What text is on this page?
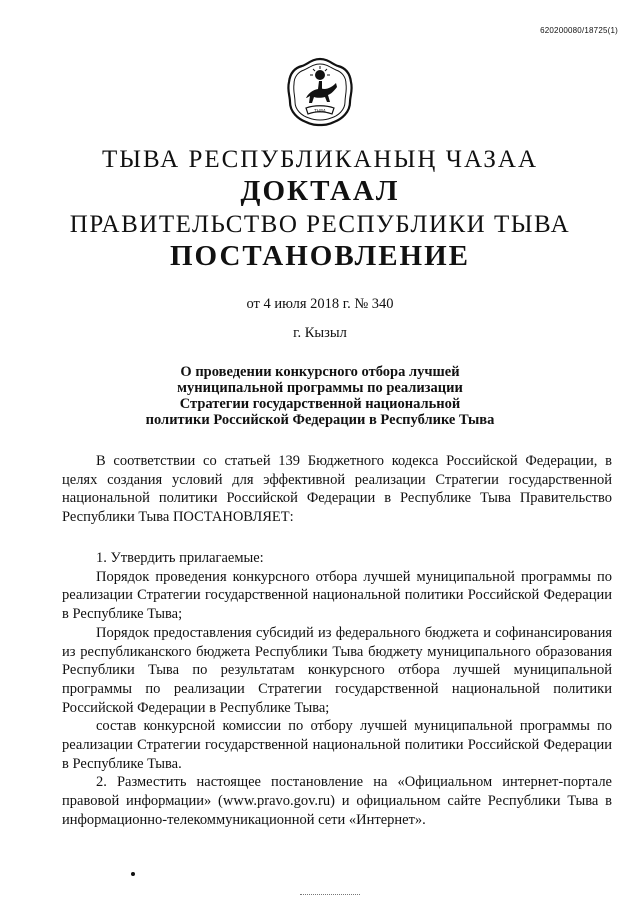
620200080/18725(1)
ТЫВА
ТЫВА РЕСПУБЛИКАНЫҢ ЧАЗАА
ДОКТААЛ
ПРАВИТЕЛЬСТВО РЕСПУБЛИКИ ТЫВА
ПОСТАНОВЛЕНИЕ
от 4 июля 2018 г. № 340
г. Кызыл
О проведении конкурсного отбора лучшей
муниципальной программы по реализации
Стратегии государственной национальной
политики Российской Федерации в Республике Тыва

В соответствии со статьей 139 Бюджетного кодекса Российской Федерации, в целях создания условий для эффективной реализации Стратегии государственной национальной политики Российской Федерации в Республике Тыва Правительство Республики Тыва ПОСТАНОВЛЯЕТ:

1. Утвердить прилагаемые:

Порядок проведения конкурсного отбора лучшей муниципальной программы по реализации Стратегии государственной национальной политики Российской Федерации в Республике Тыва;

Порядок предоставления субсидий из федерального бюджета и софинансирования из республиканского бюджета Республики Тыва бюджету муниципального образования Республики Тыва по результатам конкурсного отбора лучшей муниципальной программы по реализации Стратегии государственной национальной политики Российской Федерации в Республике Тыва;

состав конкурсной комиссии по отбору лучшей муниципальной программы по реализации Стратегии государственной национальной политики Российской Федерации в Республике Тыва.

2. Разместить настоящее постановление на «Официальном интернет-портале правовой информации» (www.pravo.gov.ru) и официальном сайте Республики Тыва в информационно-телекоммуникационной сети «Интернет».
